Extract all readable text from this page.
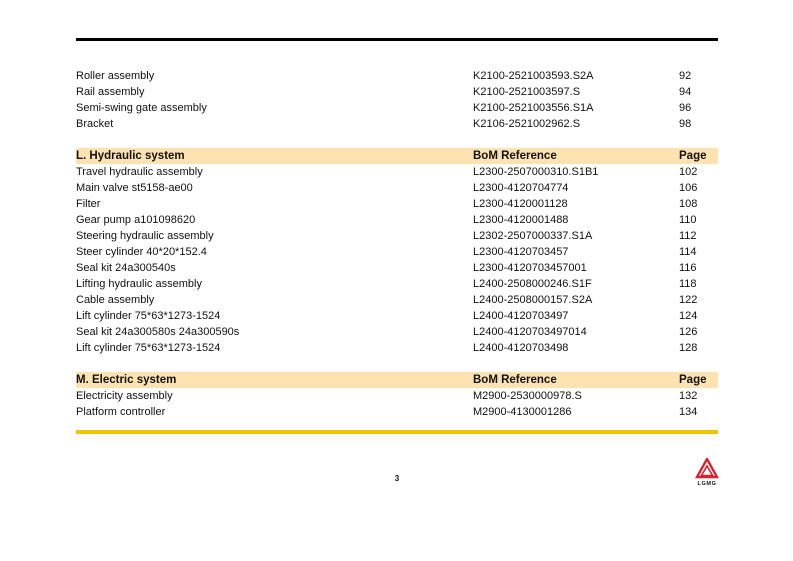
Roller assembly	K2100-2521003593.S2A	92
Rail assembly	K2100-2521003597.S	94
Semi-swing gate assembly	K2100-2521003556.S1A	96
Bracket	K2106-2521002962.S	98
L. Hydraulic system	BoM Reference	Page
Travel hydraulic assembly	L2300-2507000310.S1B1	102
Main valve st5158-ae00	L2300-4120704774	106
Filter	L2300-4120001128	108
Gear pump a101098620	L2300-4120001488	110
Steering hydraulic assembly	L2302-2507000337.S1A	112
Steer cylinder 40*20*152.4	L2300-4120703457	114
Seal kit 24a300540s	L2300-4120703457001	116
Lifting hydraulic assembly	L2400-2508000246.S1F	118
Cable assembly	L2400-2508000157.S2A	122
Lift cylinder 75*63*1273-1524	L2400-4120703497	124
Seal kit 24a300580s 24a300590s	L2400-4120703497014	126
Lift cylinder 75*63*1273-1524	L2400-4120703498	128
M. Electric system	BoM Reference	Page
Electricity assembly	M2900-2530000978.S	132
Platform controller	M2900-4130001286	134
3
LGMG
